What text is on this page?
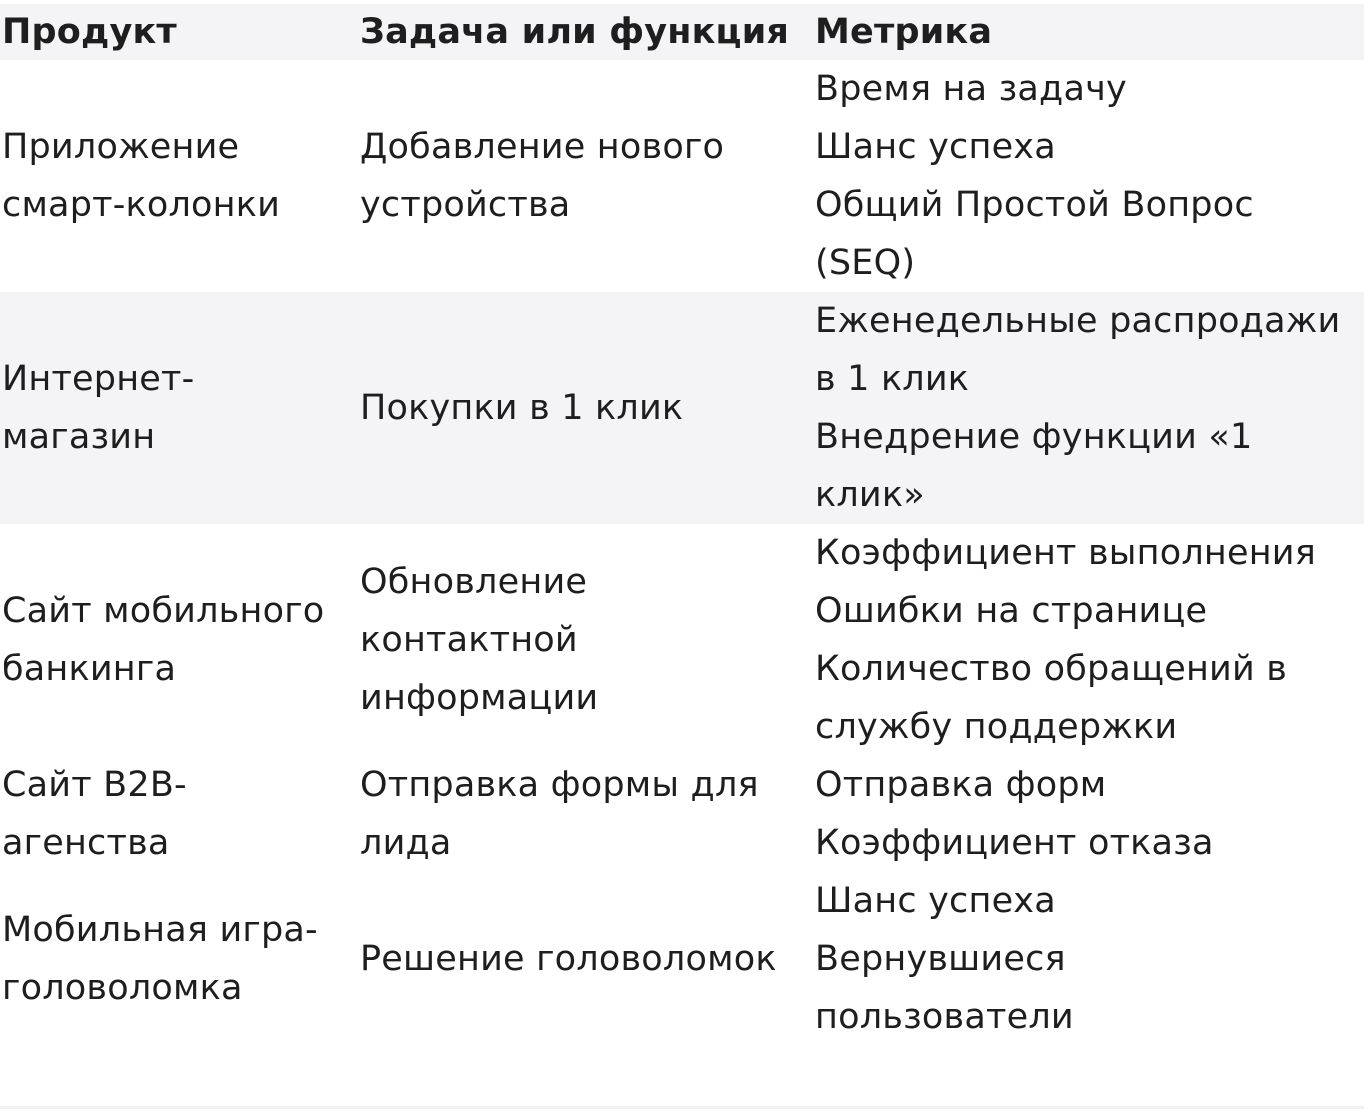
Продукт	Задача или функция Метрика
Приложение
смарт-колонки
Добавление нового
устройства
Время на задачу
Шанс успеха
Общий Простой Вопрос
(SEQ)
Интернет-
магазин
Покупки в 1 клик
Еженедельные распродажи
в 1 клик
Внедрение функции «1
клик»
Сайт мобильного
банкинга
Обновление
контактной
информации
Коэффициент выполнения
Ошибки на странице
Количество обращений в
службу поддержки
Сайт B2B-
агенства
Отправка формы для
лида
Отправка форм
Коэффициент отказа
Мобильная игра-
головоломка
Решение головоломок
Шанс успеха
Вернувшиеся
пользователи
